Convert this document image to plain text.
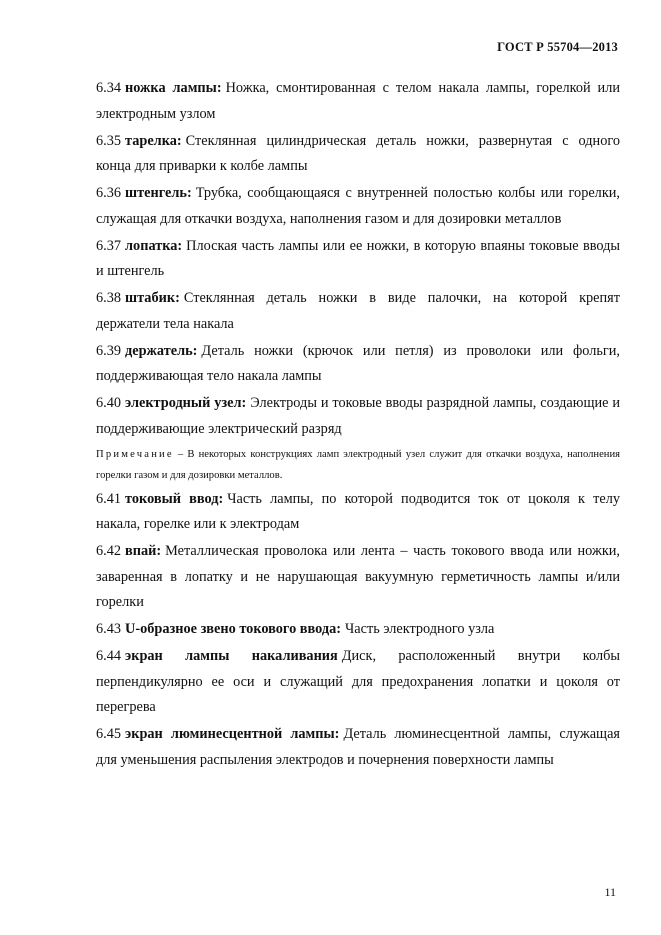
ГОСТ Р 55704—2013

6.34 ножка лампы: Ножка, смонтированная с телом накала лампы, горелкой или электродным узлом

6.35 тарелка: Стеклянная цилиндрическая деталь ножки, развернутая с одного конца для приварки к колбе лампы

6.36 штенгель: Трубка, сообщающаяся с внутренней полостью колбы или горелки, служащая для откачки воздуха, наполнения газом и для дозировки металлов

6.37 лопатка: Плоская часть лампы или ее ножки, в которую впаяны токовые вводы и штенгель

6.38 штабик: Стеклянная деталь ножки в виде палочки, на которой крепят держатели тела накала

6.39 держатель: Деталь ножки (крючок или петля) из проволоки или фольги, поддерживающая тело накала лампы

6.40 электродный узел: Электроды и токовые вводы разрядной лампы, создающие и поддерживающие электрический разряд

Примечание – В некоторых конструкциях ламп электродный узел служит для откачки воздуха, наполнения горелки газом и для дозировки металлов.

6.41 токовый ввод: Часть лампы, по которой подводится ток от цоколя к телу накала, горелке или к электродам

6.42 впай: Металлическая проволока или лента – часть токового ввода или ножки, заваренная в лопатку и не нарушающая вакуумную герметичность лампы и/или горелки

6.43 U-образное звено токового ввода: Часть электродного узла

6.44 экран лампы накаливания Диск, расположенный внутри колбы перпендикулярно ее оси и служащий для предохранения лопатки и цоколя от перегрева

6.45 экран люминесцентной лампы: Деталь люминесцентной лампы, служащая для уменьшения распыления электродов и почернения поверхности лампы

11
